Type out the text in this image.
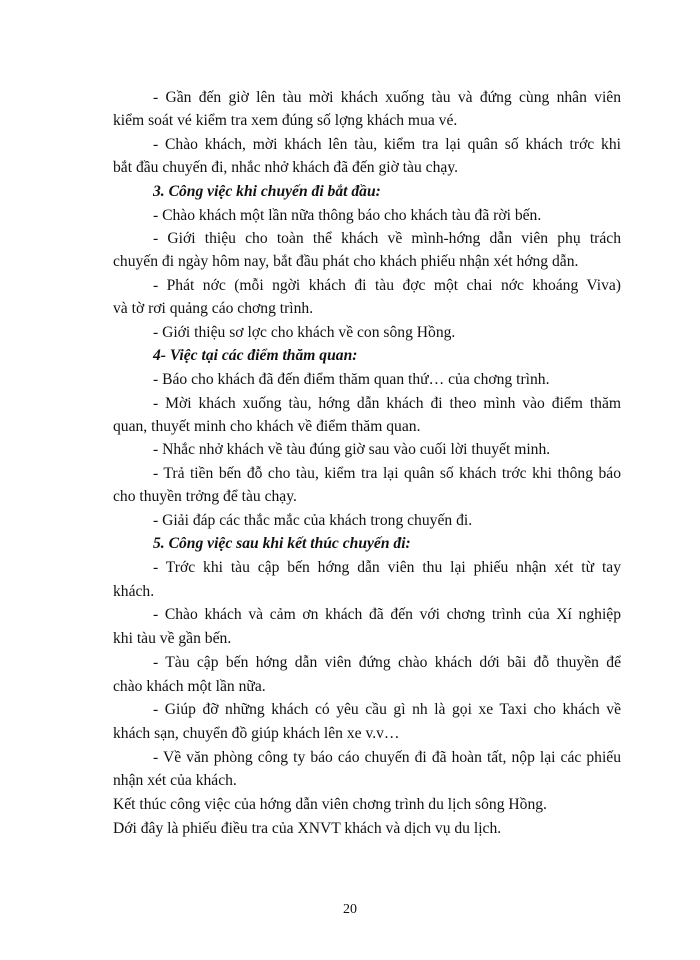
- Gần đến giờ lên tàu mời khách xuống tàu và đứng cùng nhân viên

kiểm soát vé kiểm tra xem đúng số lợng khách mua vé.

- Chào khách, mời khách lên tàu, kiểm tra lại quân số khách trớc khi

bắt đầu chuyến đi, nhắc nhở khách đã đến giờ tàu chạy.

3. Công việc khi chuyến đi bắt đầu:

- Chào khách một lần nữa thông báo cho khách tàu đã rời bến.

- Giới thiệu cho toàn thể khách về mình-hớng dẫn viên phụ trách

chuyến đi ngày hôm nay, bắt đầu phát cho khách phiếu nhận xét hớng dẫn.

- Phát nớc (mỗi ngời khách đi tàu đợc một chai nớc khoáng Viva)

và tờ rơi quảng cáo chơng trình.

- Giới thiệu sơ lợc cho khách về con sông Hồng.

4- Việc tại các điểm thăm quan:

- Báo cho khách đã đến điểm thăm quan thứ… của chơng trình.

- Mời khách xuống tàu, hớng dẫn khách đi theo mình vào điểm thăm

quan, thuyết minh cho khách về điểm thăm quan.

- Nhắc nhở khách về tàu đúng giờ sau vào cuối lời thuyết minh.

- Trả tiền bến đỗ cho tàu, kiểm tra lại quân số khách trớc khi thông báo

cho thuyền trởng để tàu chạy.

- Giải đáp các thắc mắc của khách trong chuyến đi.

5. Công việc sau khi kết thúc chuyến đi:

- Trớc khi tàu cập bến hớng dẫn viên thu lại phiếu nhận xét từ tay

khách.

- Chào khách và cảm ơn khách đã đến với chơng trình của Xí nghiệp

khi tàu về gần bến.

- Tàu cập bến hớng dẫn viên đứng chào khách dới bãi đỗ thuyền để

chào khách một lần nữa.

- Giúp đỡ những khách có yêu cầu gì nh là gọi xe Taxi cho khách về

khách sạn, chuyển đồ giúp khách lên xe v.v…

- Về văn phòng công ty báo cáo chuyến đi đã hoàn tất, nộp lại các phiếu

nhận xét của khách.

Kết thúc công việc của hớng dẫn viên chơng trình du lịch sông Hồng.

Dới đây là phiếu điều tra của XNVT khách và dịch vụ du lịch.

20
